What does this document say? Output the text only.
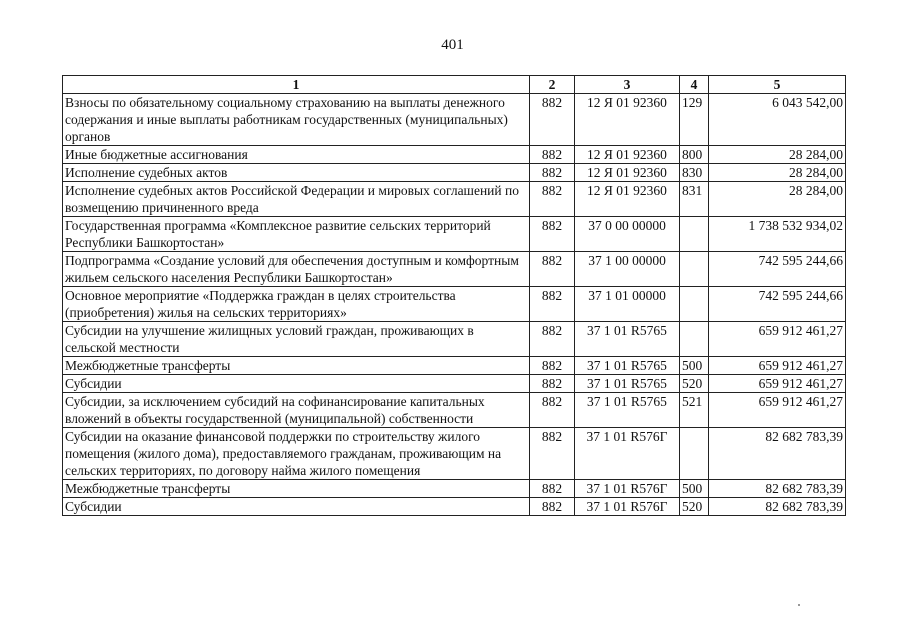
401
1	2	3	4	5
Взносы по обязательному социальному страхованию на выплаты денежного содержания и иные выплаты работникам государственных (муниципальных) органов	882	12 Я 01 92360	129	6 043 542,00
Иные бюджетные ассигнования	882	12 Я 01 92360	800	28 284,00
Исполнение судебных актов	882	12 Я 01 92360	830	28 284,00
Исполнение судебных актов Российской Федерации и мировых соглашений по возмещению причиненного вреда	882	12 Я 01 92360	831	28 284,00
Государственная программа «Комплексное развитие сельских территорий Республики Башкортостан»	882	37 0 00 00000		1 738 532 934,02
Подпрограмма «Создание условий для обеспечения доступным и комфортным жильем сельского населения Республики Башкортостан»	882	37 1 00 00000		742 595 244,66
Основное мероприятие «Поддержка граждан в целях строительства (приобретения) жилья на сельских территориях»	882	37 1 01 00000		742 595 244,66
Субсидии на улучшение жилищных условий граждан, проживающих в сельской местности	882	37 1 01 R5765		659 912 461,27
Межбюджетные трансферты	882	37 1 01 R5765	500	659 912 461,27
Субсидии	882	37 1 01 R5765	520	659 912 461,27
Субсидии, за исключением субсидий на софинансирование капитальных вложений в объекты государственной (муниципальной) собственности	882	37 1 01 R5765	521	659 912 461,27
Субсидии на оказание финансовой поддержки по строительству жилого помещения (жилого дома), предоставляемого гражданам, проживающим на сельских территориях, по договору найма жилого помещения	882	37 1 01 R576Г		82 682 783,39
Межбюджетные трансферты	882	37 1 01 R576Г	500	82 682 783,39
Субсидии	882	37 1 01 R576Г	520	82 682 783,39
